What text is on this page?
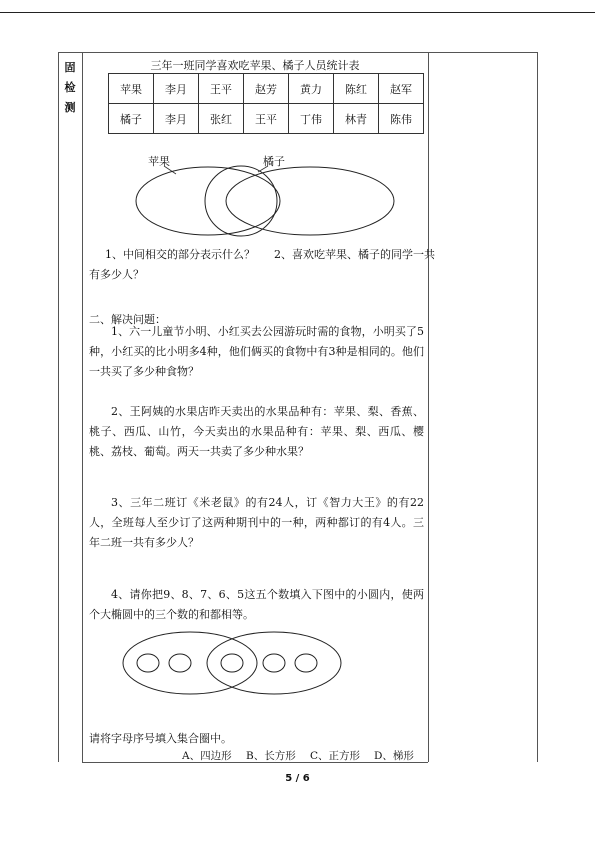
固
检
测
三年一班同学喜欢吃苹果、橘子人员统计表
苹果	李月	王平	赵芳	黄力	陈红	赵军
橘子	李月	张红	王平	丁伟	林青	陈伟
苹果	橘子
1、中间相交的部分表示什么？ 2、喜欢吃苹果、橘子的同学一共
有多少人？
二、解决问题：
1、六一儿童节小明、小红买去公园游玩时需的食物，小明买了5种，小红买的比小明多4种，他们俩买的食物中有3种是相同的。他们一共买了多少种食物？
2、王阿姨的水果店昨天卖出的水果品种有：苹果、梨、香蕉、桃子、西瓜、山竹，今天卖出的水果品种有：苹果、梨、西瓜、樱桃、荔枝、葡萄。两天一共卖了多少种水果？
3、三年二班订《米老鼠》的有24人，订《智力大王》的有22人，全班每人至少订了这两种期刊中的一种，两种都订的有4人。三年二班一共有多少人？
4、请你把9、8、7、6、5这五个数填入下图中的小圆内，使两个大椭圆中的三个数的和都相等。
请将字母序号填入集合圈中。
A、四边形 B、长方形 C、正方形 D、梯形
5 / 6
